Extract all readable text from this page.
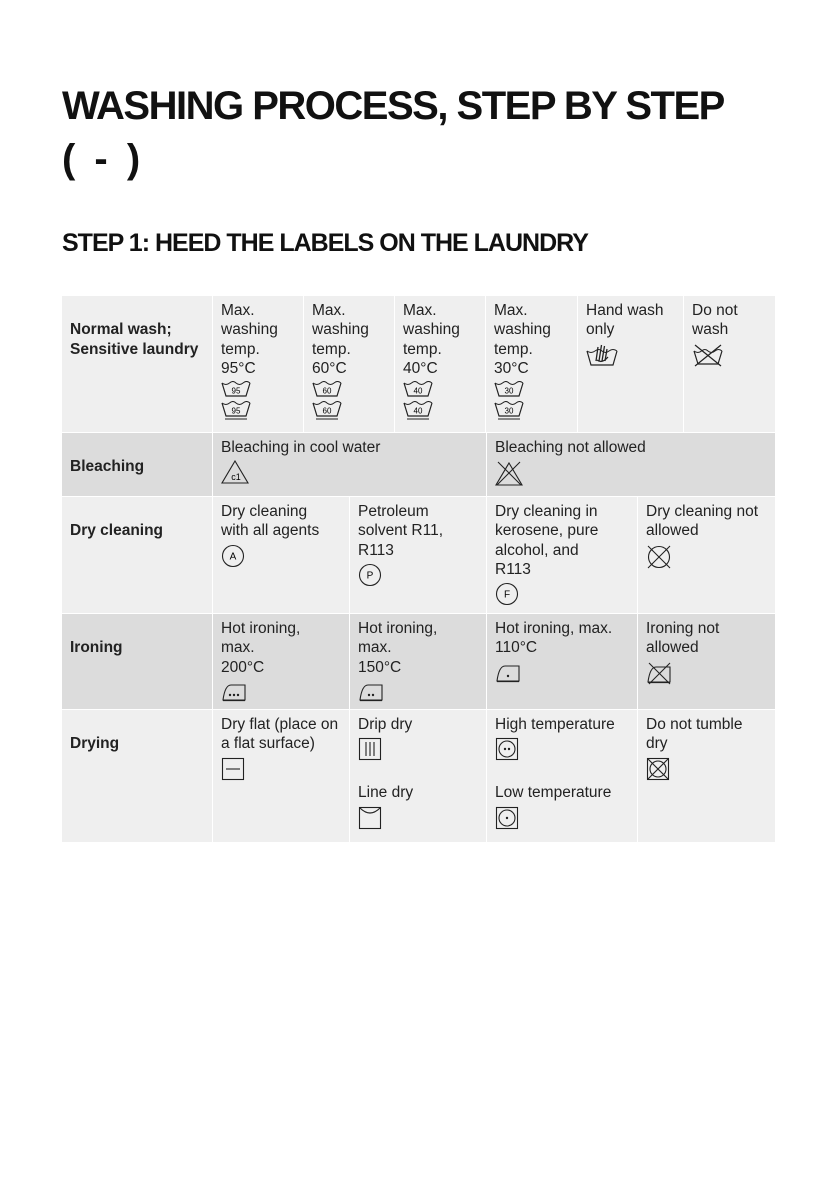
WASHING PROCESS, STEP BY STEP
( - )
STEP 1: HEED THE LABELS ON THE LAUNDRY

Normal wash;
Sensitive laundry

Max.
washing
temp.
95°C
95
95
Max.
washing
temp.
60°C
60
60
Max.
washing
temp.
40°C
40
40
Max.
washing
temp.
30°C
30
30
Hand wash
only
Do not
wash

Bleaching

Bleaching in cool water
c1
Bleaching not allowed

Dry cleaning

Dry cleaning
with all agents
A
Petroleum
solvent R11,
R113
P
Dry cleaning in
kerosene, pure
alcohol, and
R113
F
Dry cleaning not
allowed

Ironing

Hot ironing,
max.
200°C
Hot ironing,
max.
150°C
Hot ironing, max.
110°C
Ironing not
allowed

Drying

Dry flat (place on
a flat surface)
Drip dry
Line dry
High temperature
Low temperature
Do not tumble
dry
